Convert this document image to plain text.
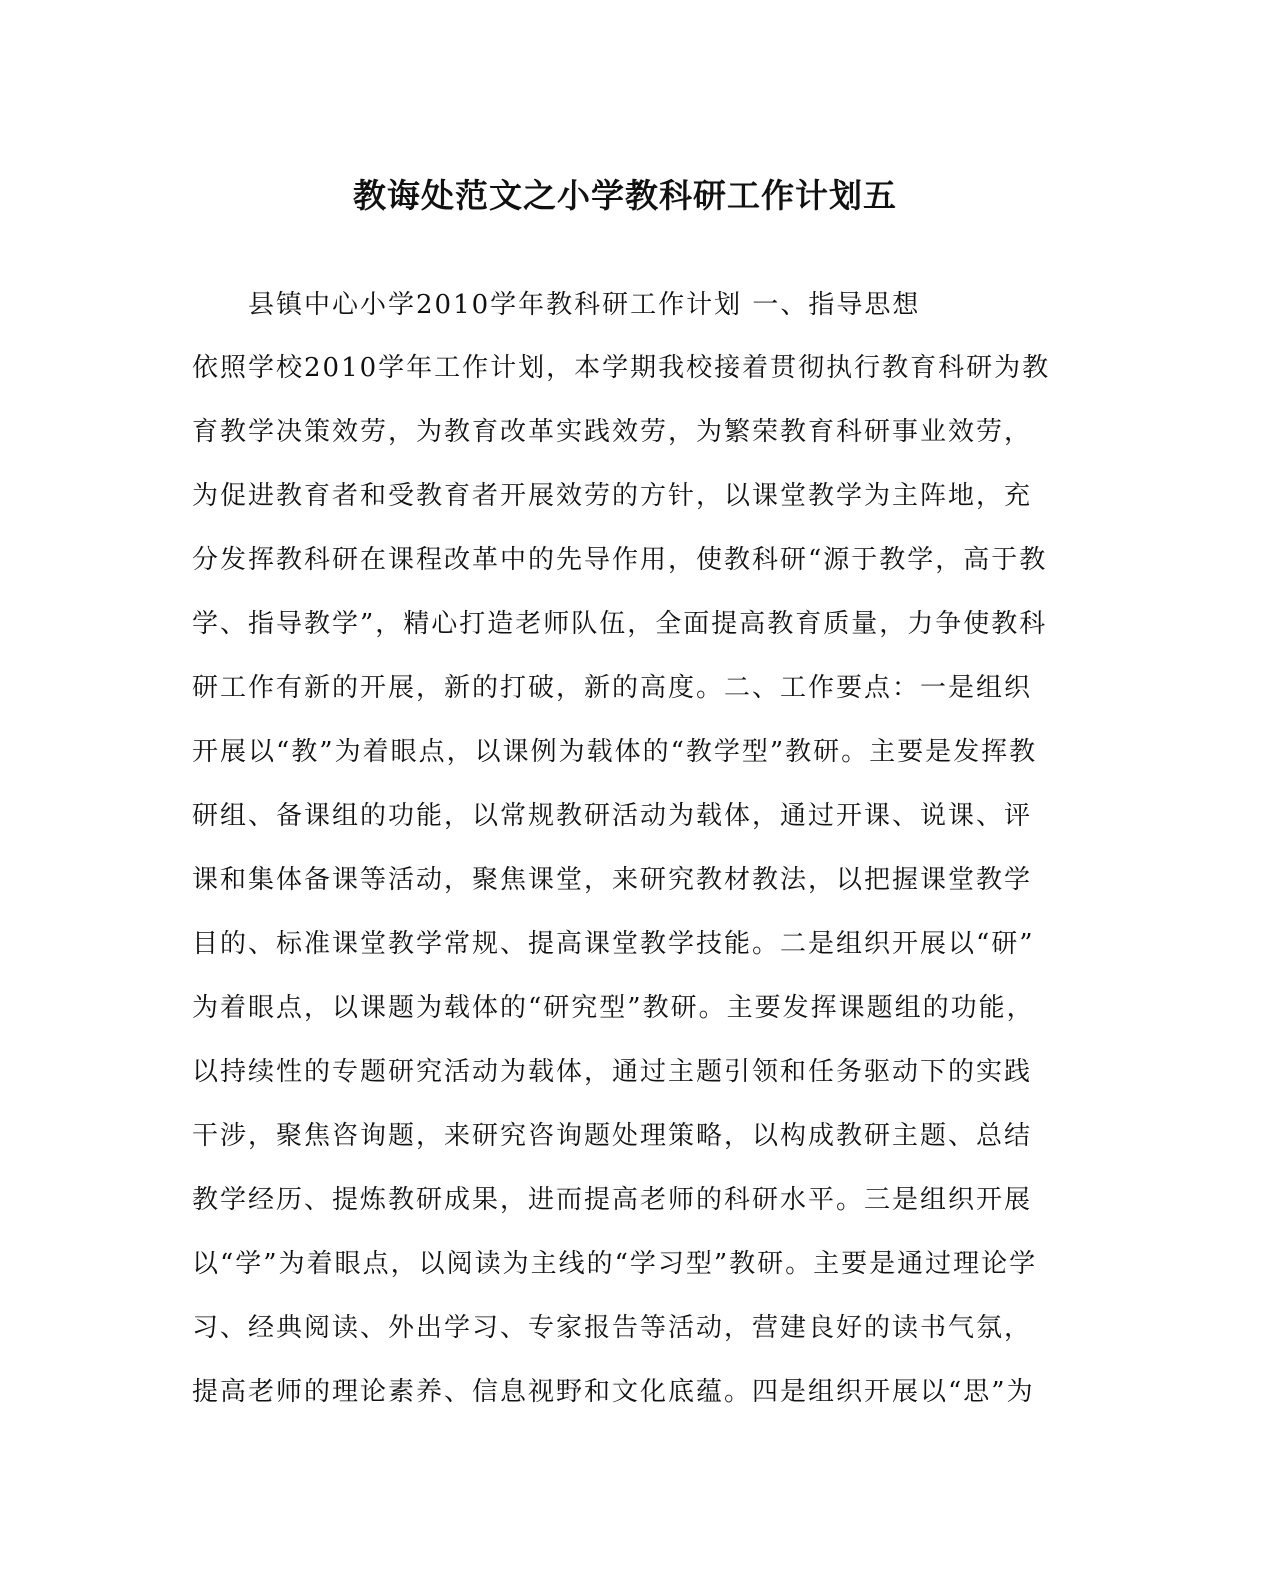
教诲处范文之小学教科研工作计划五
县镇中心小学2010学年教科研工作计划 一、指导思想
依照学校2010学年工作计划，本学期我校接着贯彻执行教育科研为教
育教学决策效劳，为教育改革实践效劳，为繁荣教育科研事业效劳，
为促进教育者和受教育者开展效劳的方针，以课堂教学为主阵地，充
分发挥教科研在课程改革中的先导作用，使教科研“源于教学，高于教
学、指导教学”，精心打造老师队伍，全面提高教育质量，力争使教科
研工作有新的开展，新的打破，新的高度。二、工作要点：一是组织
开展以“教”为着眼点，以课例为载体的“教学型”教研。主要是发挥教
研组、备课组的功能，以常规教研活动为载体，通过开课、说课、评
课和集体备课等活动，聚焦课堂，来研究教材教法，以把握课堂教学
目的、标准课堂教学常规、提高课堂教学技能。二是组织开展以“研”
为着眼点，以课题为载体的“研究型”教研。主要发挥课题组的功能，
以持续性的专题研究活动为载体，通过主题引领和任务驱动下的实践
干涉，聚焦咨询题，来研究咨询题处理策略，以构成教研主题、总结
教学经历、提炼教研成果，进而提高老师的科研水平。三是组织开展
以“学”为着眼点，以阅读为主线的“学习型”教研。主要是通过理论学
习、经典阅读、外出学习、专家报告等活动，营建良好的读书气氛，
提高老师的理论素养、信息视野和文化底蕴。四是组织开展以“思”为
